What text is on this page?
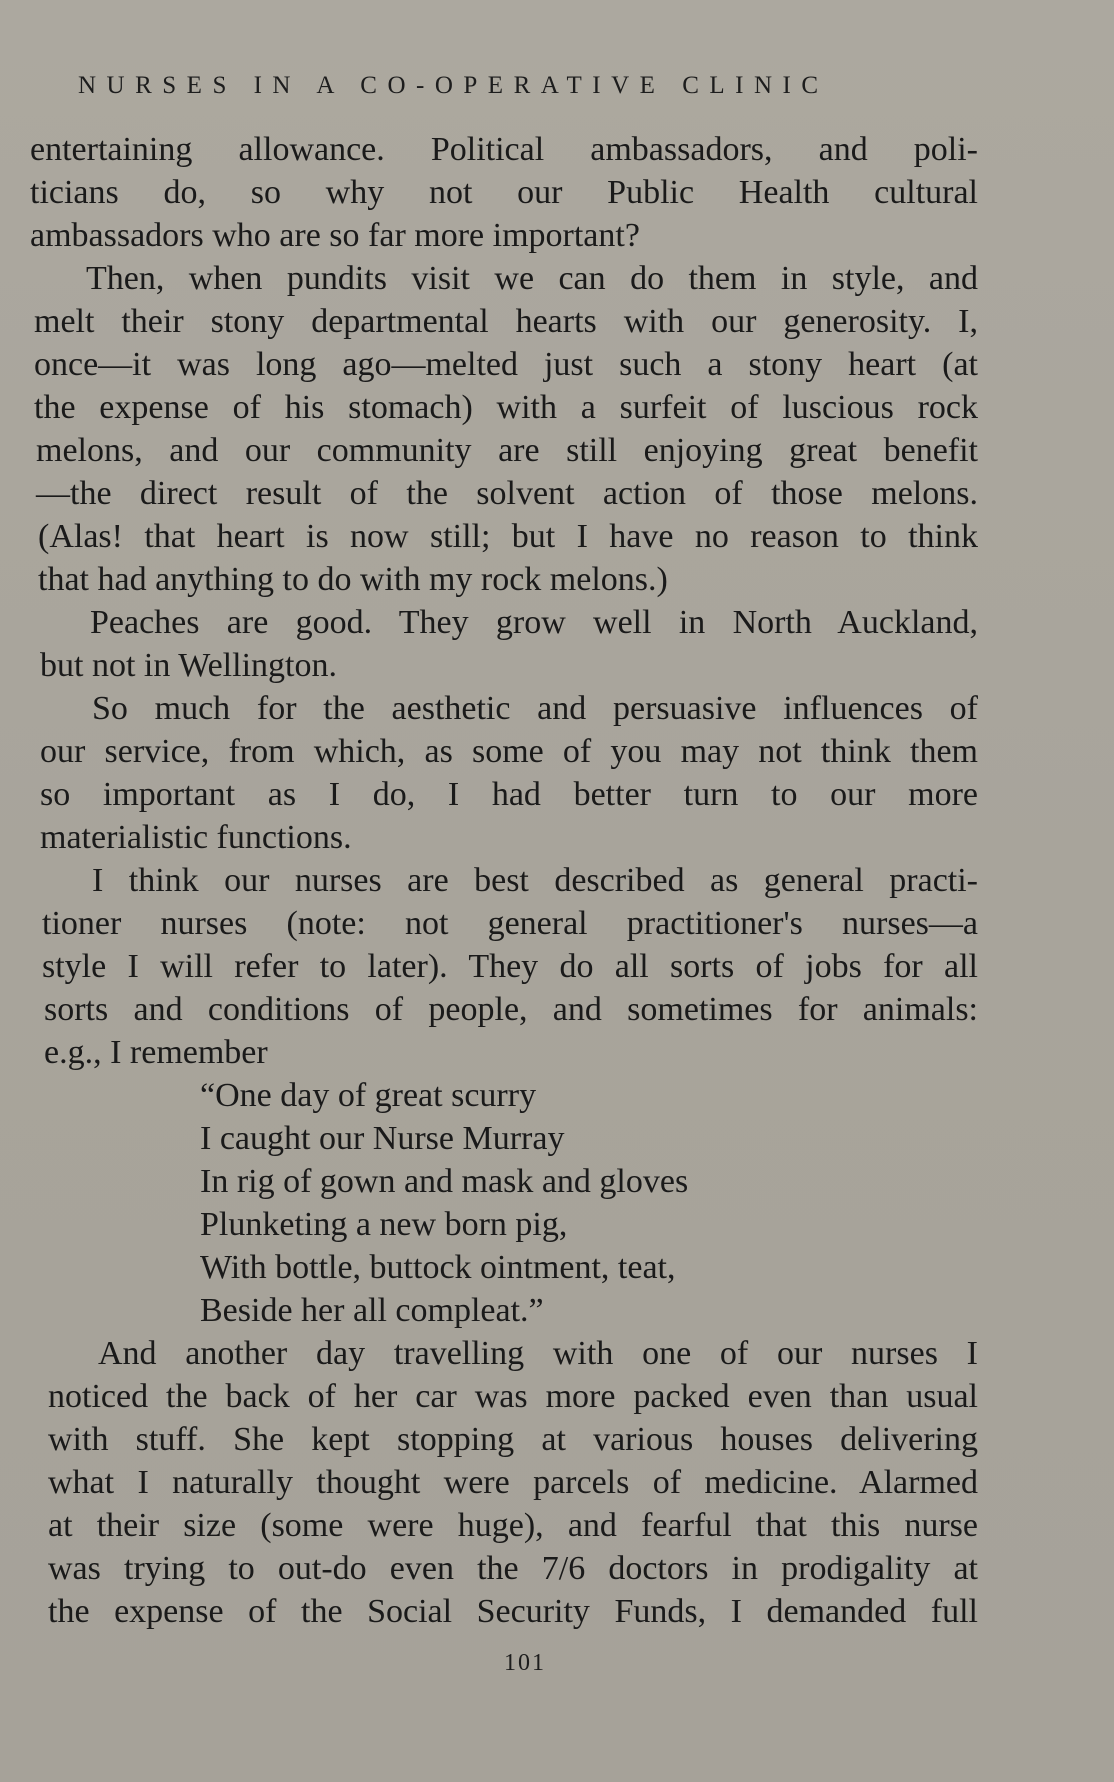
NURSES IN A CO-OPERATIVE CLINIC
entertaining allowance. Political ambassadors, and poli-
ticians do, so why not our Public Health cultural
ambassadors who are so far more important?
Then, when pundits visit we can do them in style, and
melt their stony departmental hearts with our generosity. I,
once—it was long ago—melted just such a stony heart (at
the expense of his stomach) with a surfeit of luscious rock
melons, and our community are still enjoying great benefit
—the direct result of the solvent action of those melons.
(Alas! that heart is now still; but I have no reason to think
that had anything to do with my rock melons.)
Peaches are good. They grow well in North Auckland,
but not in Wellington.
So much for the aesthetic and persuasive influences of
our service, from which, as some of you may not think them
so important as I do, I had better turn to our more
materialistic functions.
I think our nurses are best described as general practi-
tioner nurses (note: not general practitioner's nurses—a
style I will refer to later). They do all sorts of jobs for all
sorts and conditions of people, and sometimes for animals:
e.g., I remember
“One day of great scurry
I caught our Nurse Murray
In rig of gown and mask and gloves
Plunketing a new born pig,
With bottle, buttock ointment, teat,
Beside her all compleat.”
And another day travelling with one of our nurses I
noticed the back of her car was more packed even than usual
with stuff. She kept stopping at various houses delivering
what I naturally thought were parcels of medicine. Alarmed
at their size (some were huge), and fearful that this nurse
was trying to out-do even the 7/6 doctors in prodigality at
the expense of the Social Security Funds, I demanded full
101
